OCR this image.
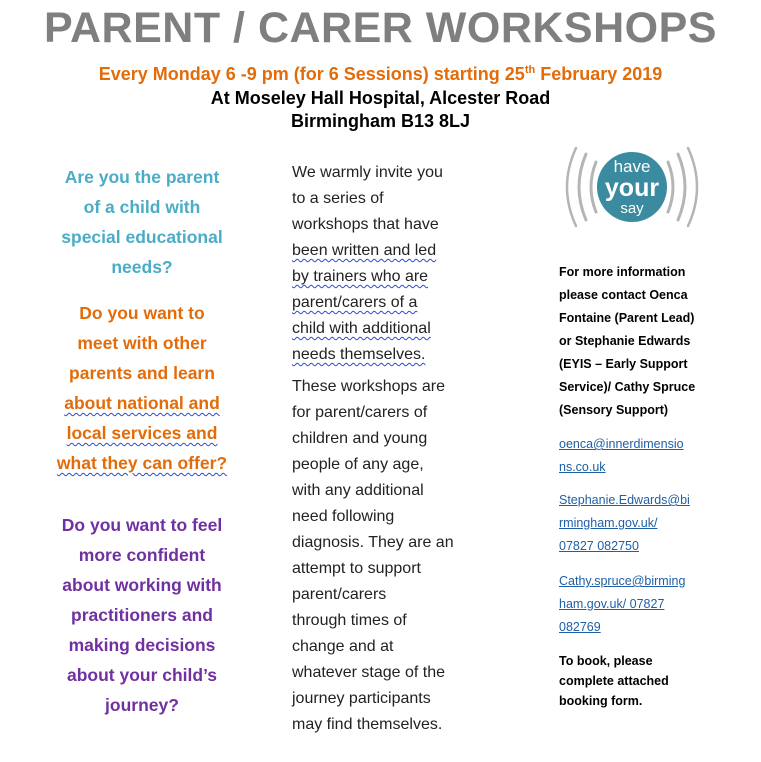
PARENT / CARER WORKSHOPS
Every Monday 6 -9 pm (for 6 Sessions) starting 25th February 2019
At Moseley Hall Hospital, Alcester Road
Birmingham B13 8LJ

Are you the parent
of a child with
special educational
needs?

Do you want to
meet with other
parents and learn
about national and
local services and
what they can offer?

Do you want to feel
more confident
about working with
practitioners and
making decisions
about your child’s
journey?

We warmly invite you
to a series of
workshops that have
been written and led
by trainers who are
parent/carers of a
child with additional
needs themselves.

These workshops are
for parent/carers of
children and young
people of any age,
with any additional
need following
diagnosis. They are an
attempt to support
parent/carers
through times of
change and at
whatever stage of the
journey participants
may find themselves.

have
your
say

For more information
please contact Oenca
Fontaine (Parent Lead)
or Stephanie Edwards
(EYIS – Early Support
Service)/ Cathy Spruce
(Sensory Support)

oenca@innerdimensio
ns.co.uk

Stephanie.Edwards@bi
rmingham.gov.uk/
07827 082750

Cathy.spruce@birming
ham.gov.uk/ 07827
082769

To book, please
complete attached
booking form.
